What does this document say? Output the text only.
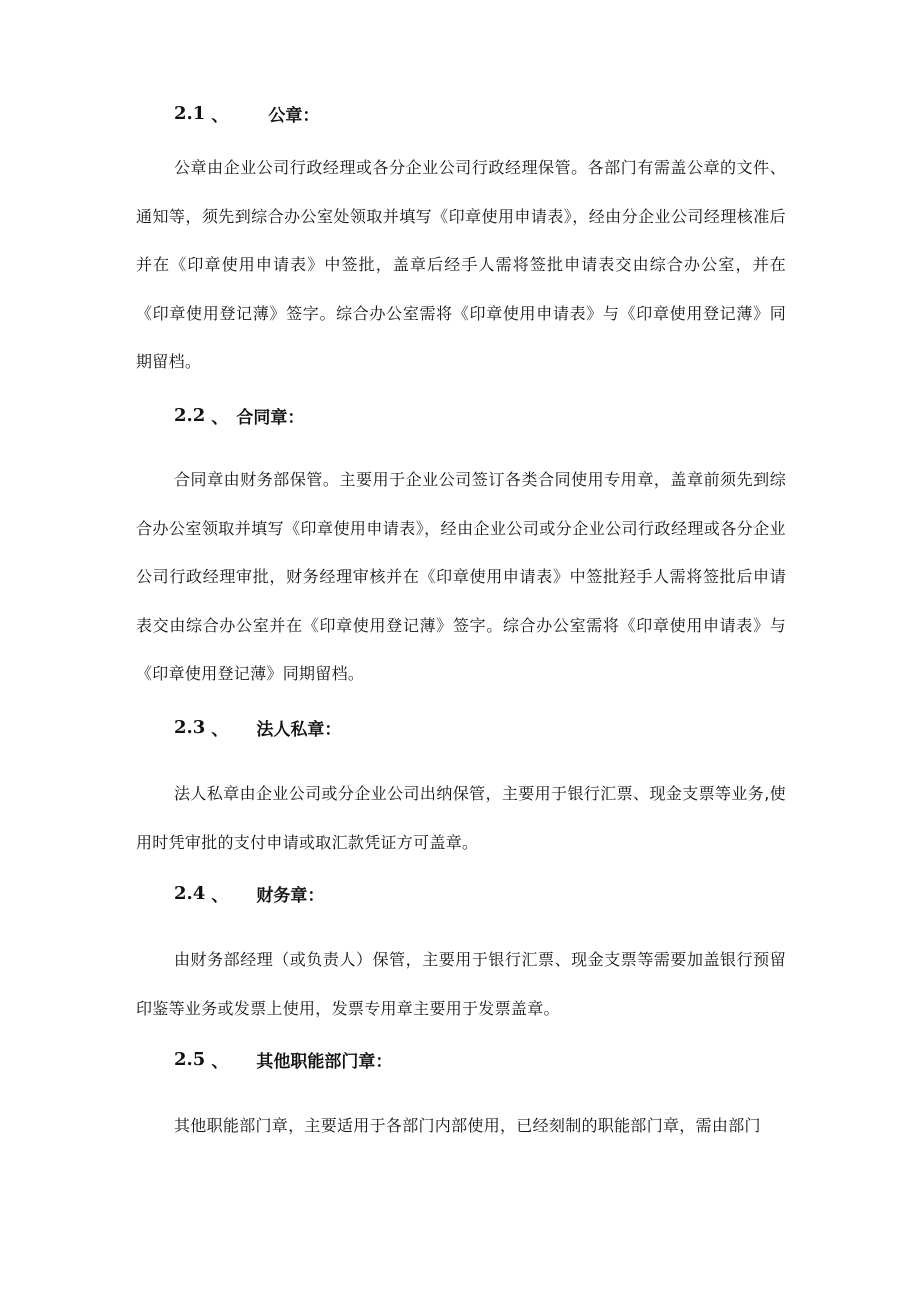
2.1 、 公章：

公章由企业公司行政经理或各分企业公司行政经理保管。各部门有需盖公章的文件、通知等，须先到综合办公室处领取并填写《印章使用申请表》，经由分企业公司经理核准后并在《印章使用申请表》中签批，盖章后经手人需将签批申请表交由综合办公室，并在《印章使用登记薄》签字。综合办公室需将《印章使用申请表》与《印章使用登记薄》同期留档。

2.2 、 合同章：

合同章由财务部保管。主要用于企业公司签订各类合同使用专用章，盖章前须先到综合办公室领取并填写《印章使用申请表》，经由企业公司或分企业公司行政经理或各分企业公司行政经理审批，财务经理审核并在《印章使用申请表》中签批羟手人需将签批后申请表交由综合办公室并在《印章使用登记薄》签字。综合办公室需将《印章使用申请表》与《印章使用登记薄》同期留档。

2.3 、 法人私章：

法人私章由企业公司或分企业公司出纳保管，主要用于银行汇票、现金支票等业务,使用时凭审批的支付申请或取汇款凭证方可盖章。

2.4 、 财务章：

由财务部经理（或负责人）保管，主要用于银行汇票、现金支票等需要加盖银行预留印鉴等业务或发票上使用，发票专用章主要用于发票盖章。

2.5 、 其他职能部门章：

其他职能部门章，主要适用于各部门内部使用，已经刻制的职能部门章，需由部门
